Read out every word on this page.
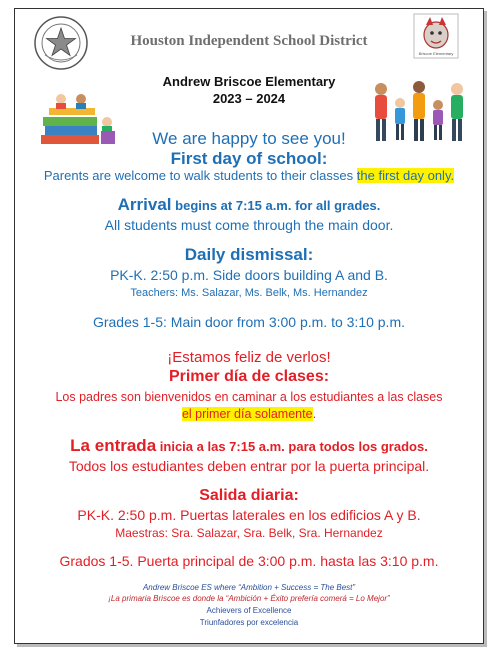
Houston Independent School District
Briscoe Elementary
Andrew Briscoe Elementary
2023 – 2024
We are happy to see you!
First day of school:
Parents are welcome to walk students to their classes the first day only.
Arrival begins at 7:15 a.m. for all grades.
All students must come through the main door.
Daily dismissal:
PK-K. 2:50 p.m. Side doors building A and B.
Teachers: Ms. Salazar, Ms. Belk, Ms. Hernandez
Grades 1-5: Main door from 3:00 p.m. to 3:10 p.m.
¡Estamos feliz de verlos!
Primer día de clases:
Los padres son bienvenidos en caminar a los estudiantes a las clases
el primer día solamente.
La entrada inicia a las 7:15 a.m. para todos los grados.
Todos los estudiantes deben entrar por la puerta principal.
Salida diaria:
PK-K. 2:50 p.m. Puertas laterales en los edificios A y B.
Maestras: Sra. Salazar, Sra. Belk, Sra. Hernandez
Grados 1-5. Puerta principal de 3:00 p.m. hasta las 3:10 p.m.
Andrew Briscoe ES where “Ambition + Success = The Best”
¡La primaria Briscoe es donde la “Ambición + Éxito prefería comerá = Lo Mejor”
Achievers of Excellence
Triunfadores por excelencia
